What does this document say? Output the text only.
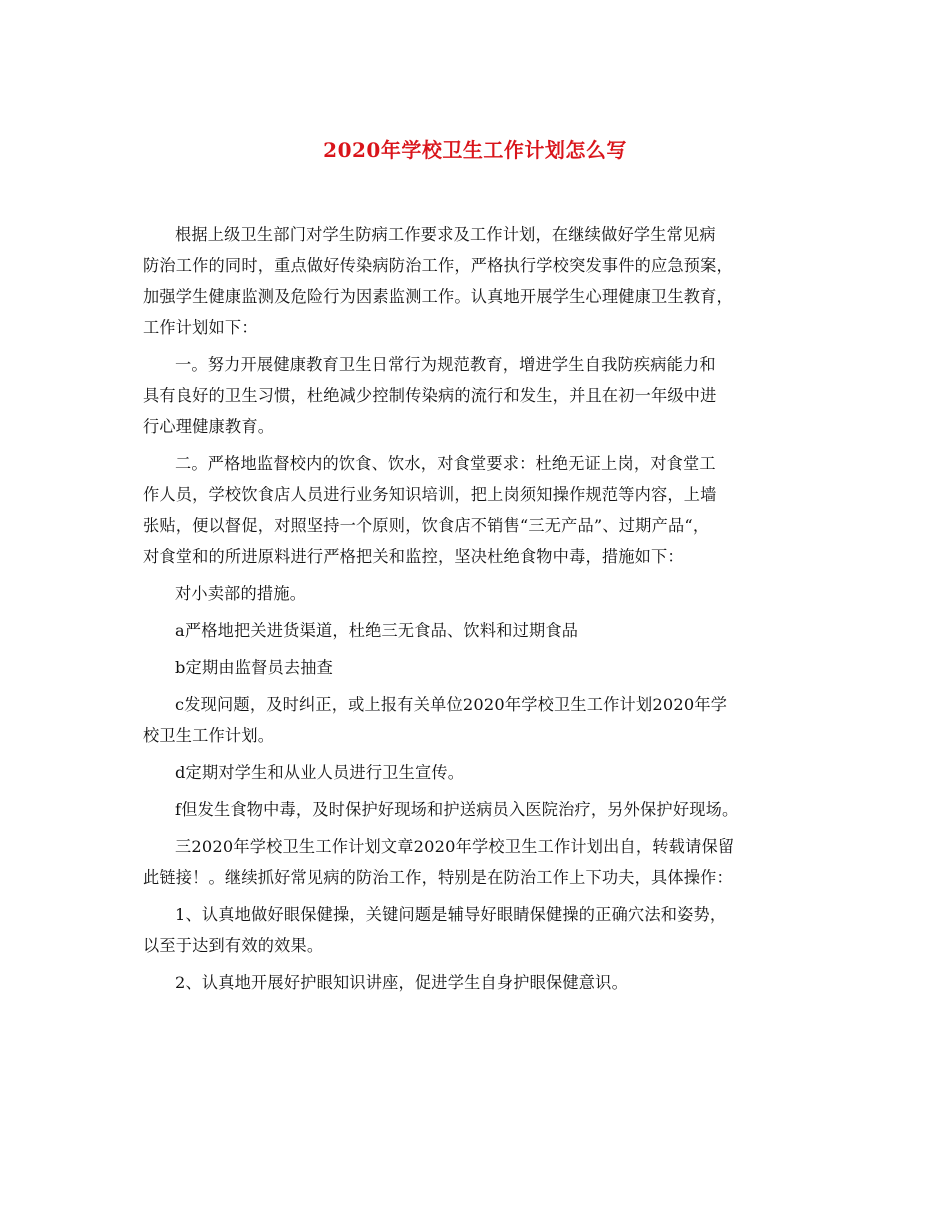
2020年学校卫生工作计划怎么写
根据上级卫生部门对学生防病工作要求及工作计划，在继续做好学生常见病
防治工作的同时，重点做好传染病防治工作，严格执行学校突发事件的应急预案，
加强学生健康监测及危险行为因素监测工作。认真地开展学生心理健康卫生教育，
工作计划如下：
一。努力开展健康教育卫生日常行为规范教育，增进学生自我防疾病能力和
具有良好的卫生习惯，杜绝减少控制传染病的流行和发生，并且在初一年级中进
行心理健康教育。
二。严格地监督校内的饮食、饮水，对食堂要求：杜绝无证上岗，对食堂工
作人员，学校饮食店人员进行业务知识培训，把上岗须知操作规范等内容，上墙
张贴，便以督促，对照坚持一个原则，饮食店不销售“三无产品”、过期产品“，
对食堂和的所进原料进行严格把关和监控，坚决杜绝食物中毒，措施如下：
对小卖部的措施。
a严格地把关进货渠道，杜绝三无食品、饮料和过期食品
b定期由监督员去抽查
c发现问题，及时纠正，或上报有关单位2020年学校卫生工作计划2020年学
校卫生工作计划。
d定期对学生和从业人员进行卫生宣传。
f但发生食物中毒，及时保护好现场和护送病员入医院治疗，另外保护好现场。
三2020年学校卫生工作计划文章2020年学校卫生工作计划出自，转载请保留
此链接！。继续抓好常见病的防治工作，特别是在防治工作上下功夫，具体操作：
1、认真地做好眼保健操，关键问题是辅导好眼睛保健操的正确穴法和姿势，
以至于达到有效的效果。
2、认真地开展好护眼知识讲座，促进学生自身护眼保健意识。
